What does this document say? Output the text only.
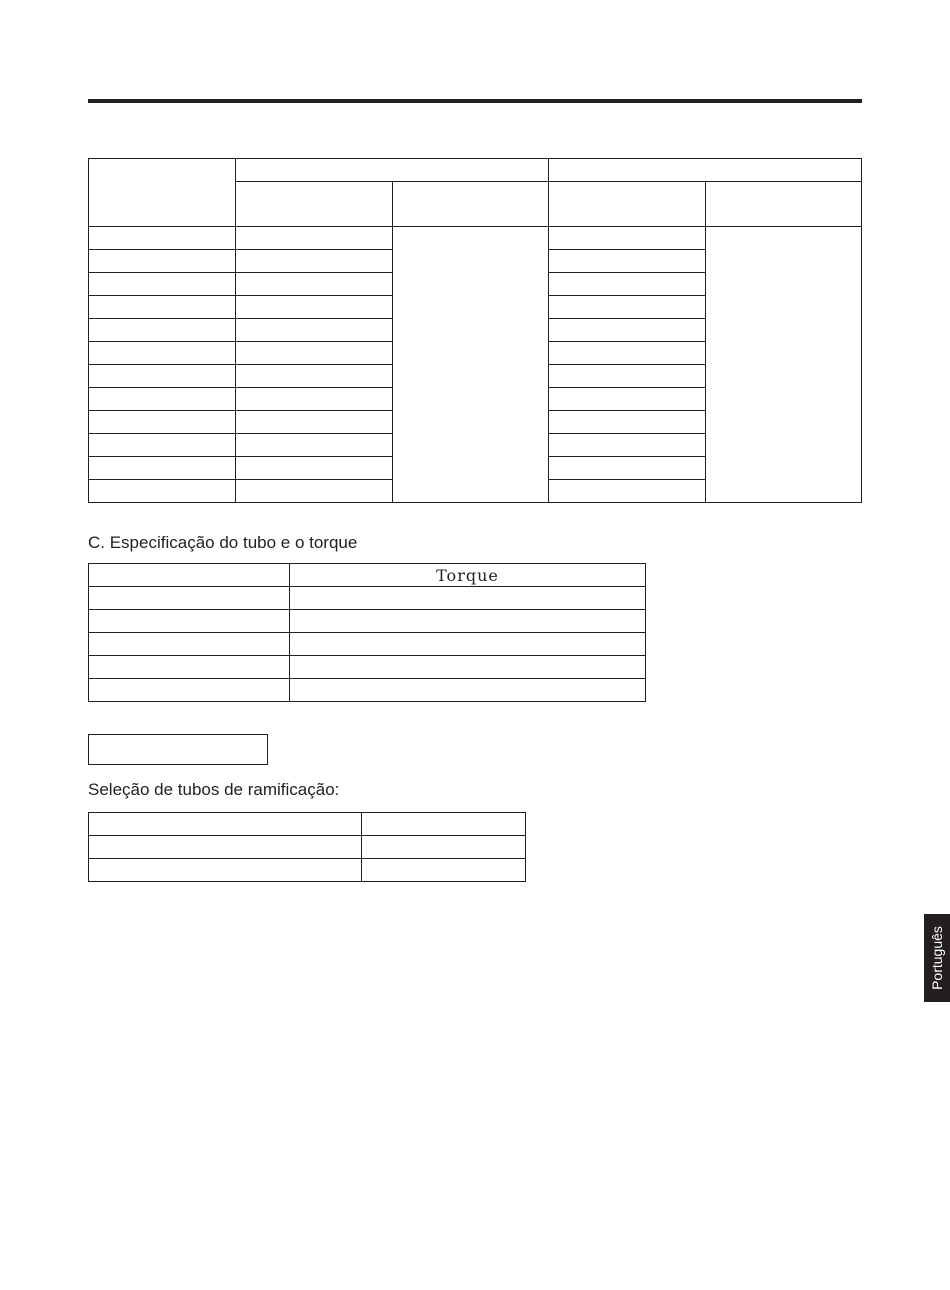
C. Especificação do tubo e o torque
	Torque

Seleção de tubos de ramificação:

Português
